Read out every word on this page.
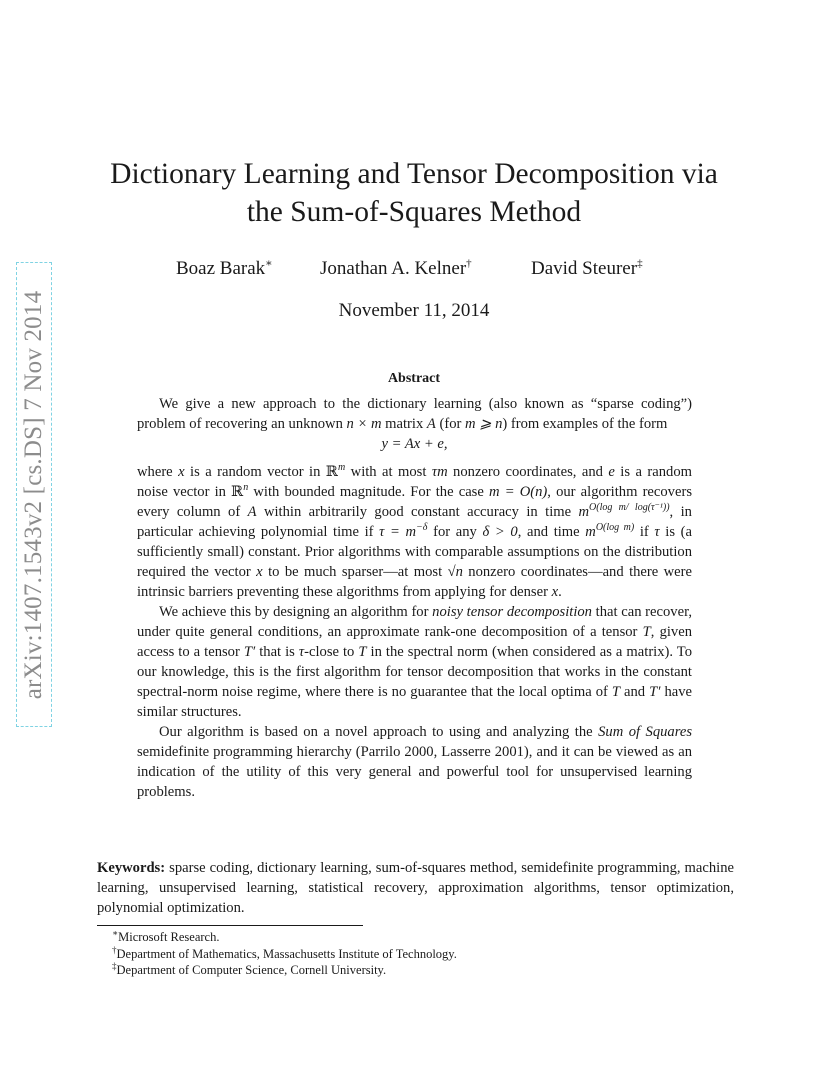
arXiv:1407.1543v2 [cs.DS] 7 Nov 2014
Dictionary Learning and Tensor Decomposition via
the Sum-of-Squares Method
Boaz Barak∗ Jonathan A. Kelner†	David Steurer‡
November 11, 2014
Abstract

We give a new approach to the dictionary learning (also known as “sparse coding”) problem of recovering an unknown n × m matrix A (for m ⩾ n) from examples of the form

y = Ax + e,

where x is a random vector in ℝ$^m$ with at most τm nonzero coordinates, and e is a random noise vector in ℝ$^n$ with bounded magnitude. For the case m = O(n), our algorithm recovers every column of A within arbitrarily good constant accuracy in time $m^{O(log m/ log(\tau^{-1}))}$, in particular achieving polynomial time if $\tau = m^{-\delta}$ for any δ > 0, and time $m^{O(log m)}$ if τ is (a sufficiently small) constant. Prior algorithms with comparable assumptions on the distribution required the vector x to be much sparser—at most √n nonzero coordinates—and there were intrinsic barriers preventing these algorithms from applying for denser x.

We achieve this by designing an algorithm for noisy tensor decomposition that can recover, under quite general conditions, an approximate rank-one decomposition of a tensor T, given access to a tensor T′ that is τ-close to T in the spectral norm (when considered as a matrix). To our knowledge, this is the first algorithm for tensor decomposition that works in the constant spectral-norm noise regime, where there is no guarantee that the local optima of T and T′ have similar structures.

Our algorithm is based on a novel approach to using and analyzing the Sum of Squares semidefinite programming hierarchy (Parrilo 2000, Lasserre 2001), and it can be viewed as an indication of the utility of this very general and powerful tool for unsupervised learning problems.

Keywords: sparse coding, dictionary learning, sum-of-squares method, semidefinite programming, machine learning, unsupervised learning, statistical recovery, approximation algorithms, tensor optimization, polynomial optimization.
∗Microsoft Research.
†Department of Mathematics, Massachusetts Institute of Technology.
‡Department of Computer Science, Cornell University.
